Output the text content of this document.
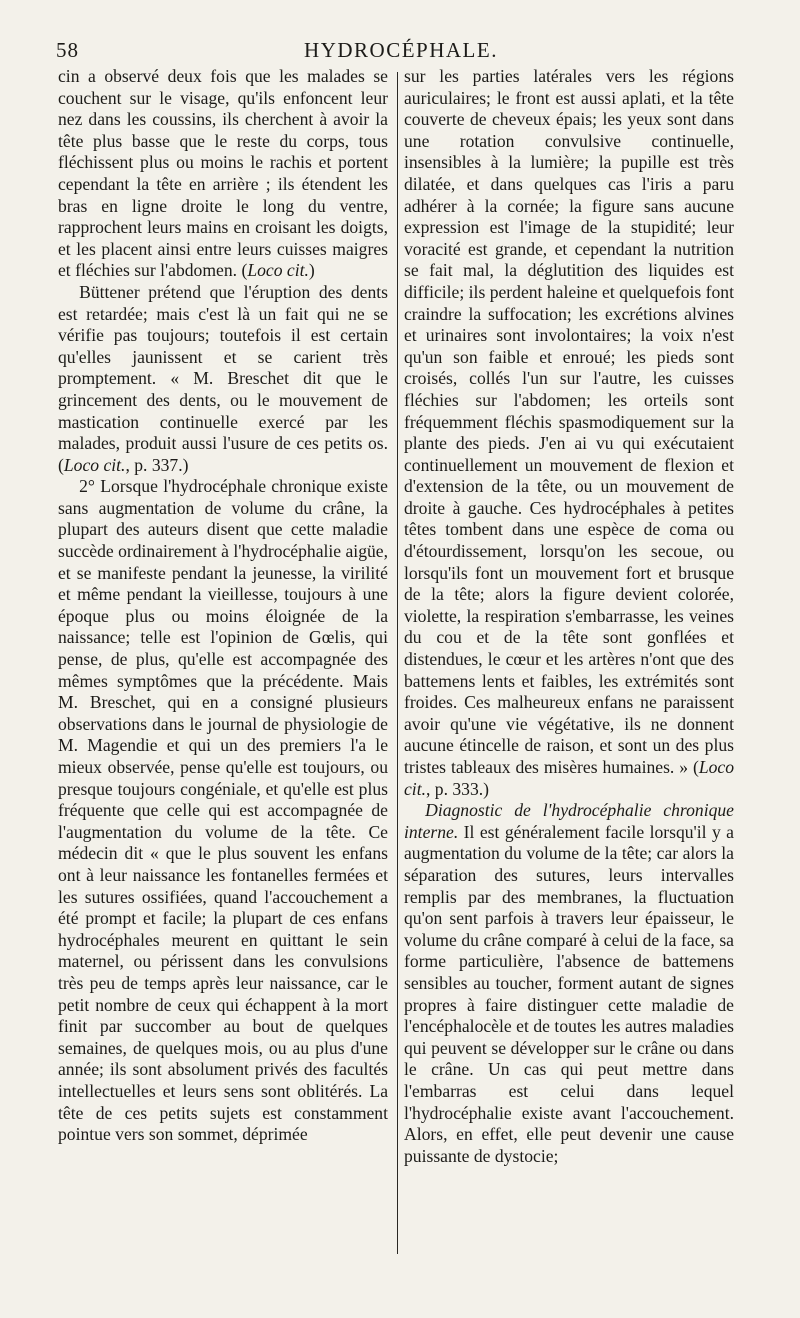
58	HYDROCÉPHALE.

cin a observé deux fois que les malades se couchent sur le visage, qu'ils enfoncent leur nez dans les coussins, ils cherchent à avoir la tête plus basse que le reste du corps, tous fléchissent plus ou moins le rachis et portent cependant la tête en arrière ; ils étendent les bras en ligne droite le long du ventre, rapprochent leurs mains en croisant les doigts, et les placent ainsi entre leurs cuisses maigres et fléchies sur l'abdomen. (Loco cit.)

Büttener prétend que l'éruption des dents est retardée; mais c'est là un fait qui ne se vérifie pas toujours; toutefois il est certain qu'elles jaunissent et se carient très promptement. « M. Breschet dit que le grincement des dents, ou le mouvement de mastication continuelle exercé par les malades, produit aussi l'usure de ces petits os. (Loco cit., p. 337.)

2° Lorsque l'hydrocéphale chronique existe sans augmentation de volume du crâne, la plupart des auteurs disent que cette maladie succède ordinairement à l'hydrocéphalie aigüe, et se manifeste pendant la jeunesse, la virilité et même pendant la vieillesse, toujours à une époque plus ou moins éloignée de la naissance; telle est l'opinion de Gœlis, qui pense, de plus, qu'elle est accompagnée des mêmes symptômes que la précédente. Mais M. Breschet, qui en a consigné plusieurs observations dans le journal de physiologie de M. Magendie et qui un des premiers l'a le mieux observée, pense qu'elle est toujours, ou presque toujours congéniale, et qu'elle est plus fréquente que celle qui est accompagnée de l'augmentation du volume de la tête. Ce médecin dit « que le plus souvent les enfans ont à leur naissance les fontanelles fermées et les sutures ossifiées, quand l'accouchement a été prompt et facile; la plupart de ces enfans hydrocéphales meurent en quittant le sein maternel, ou périssent dans les convulsions très peu de temps après leur naissance, car le petit nombre de ceux qui échappent à la mort finit par succomber au bout de quelques semaines, de quelques mois, ou au plus d'une année; ils sont absolument privés des facultés intellectuelles et leurs sens sont oblitérés. La tête de ces petits sujets est constamment pointue vers son sommet, déprimée

sur les parties latérales vers les régions auriculaires; le front est aussi aplati, et la tête couverte de cheveux épais; les yeux sont dans une rotation convulsive continuelle, insensibles à la lumière; la pupille est très dilatée, et dans quelques cas l'iris a paru adhérer à la cornée; la figure sans aucune expression est l'image de la stupidité; leur voracité est grande, et cependant la nutrition se fait mal, la déglutition des liquides est difficile; ils perdent haleine et quelquefois font craindre la suffocation; les excrétions alvines et urinaires sont involontaires; la voix n'est qu'un son faible et enroué; les pieds sont croisés, collés l'un sur l'autre, les cuisses fléchies sur l'abdomen; les orteils sont fréquemment fléchis spasmodiquement sur la plante des pieds. J'en ai vu qui exécutaient continuellement un mouvement de flexion et d'extension de la tête, ou un mouvement de droite à gauche. Ces hydrocéphales à petites têtes tombent dans une espèce de coma ou d'étourdissement, lorsqu'on les secoue, ou lorsqu'ils font un mouvement fort et brusque de la tête; alors la figure devient colorée, violette, la respiration s'embarrasse, les veines du cou et de la tête sont gonflées et distendues, le cœur et les artères n'ont que des battemens lents et faibles, les extrémités sont froides. Ces malheureux enfans ne paraissent avoir qu'une vie végétative, ils ne donnent aucune étincelle de raison, et sont un des plus tristes tableaux des misères humaines. » (Loco cit., p. 333.)

Diagnostic de l'hydrocéphalie chronique interne. Il est généralement facile lorsqu'il y a augmentation du volume de la tête; car alors la séparation des sutures, leurs intervalles remplis par des membranes, la fluctuation qu'on sent parfois à travers leur épaisseur, le volume du crâne comparé à celui de la face, sa forme particulière, l'absence de battemens sensibles au toucher, forment autant de signes propres à faire distinguer cette maladie de l'encéphalocèle et de toutes les autres maladies qui peuvent se développer sur le crâne ou dans le crâne. Un cas qui peut mettre dans l'embarras est celui dans lequel l'hydrocéphalie existe avant l'accouchement. Alors, en effet, elle peut devenir une cause puissante de dystocie;
